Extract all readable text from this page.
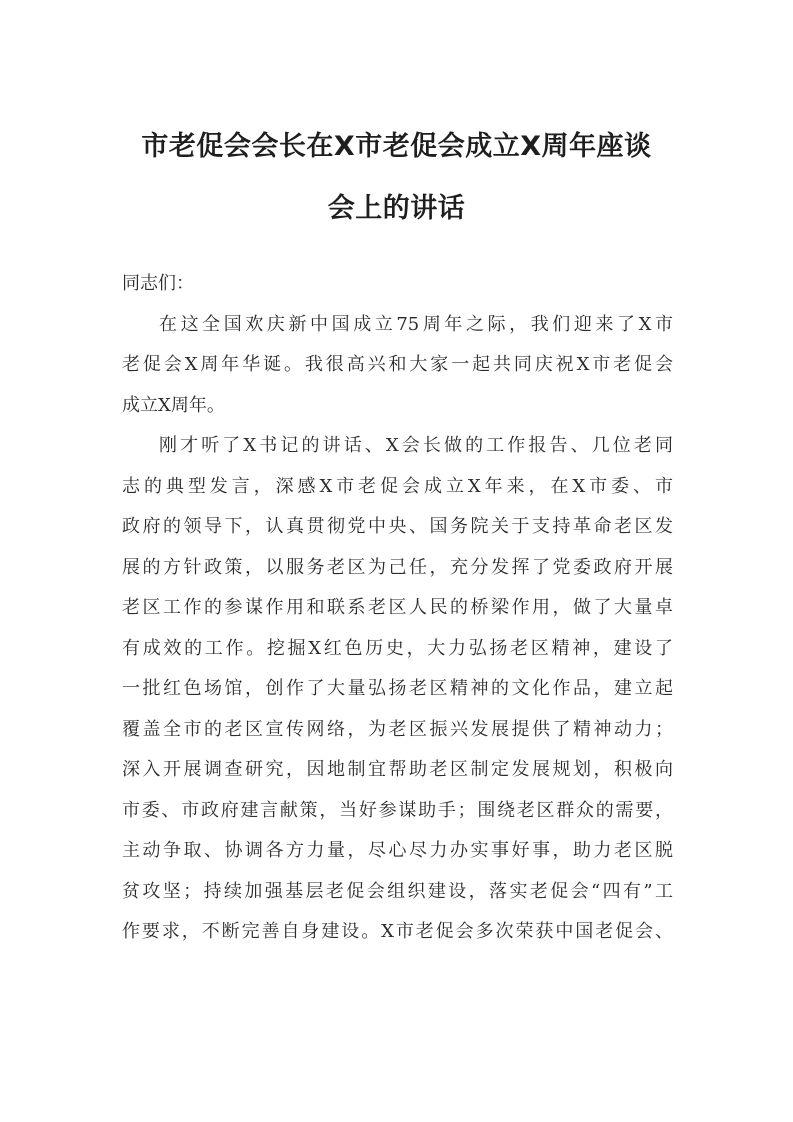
市老促会会长在X市老促会成立X周年座谈
会上的讲话
同志们：
在这全国欢庆新中国成立75周年之际，我们迎来了X市
老促会X周年华诞。我很高兴和大家一起共同庆祝X市老促会
成立X周年。
刚才听了X书记的讲话、X会长做的工作报告、几位老同
志的典型发言，深感X市老促会成立X年来，在X市委、市
政府的领导下，认真贯彻党中央、国务院关于支持革命老区发
展的方针政策，以服务老区为己任，充分发挥了党委政府开展
老区工作的参谋作用和联系老区人民的桥梁作用，做了大量卓
有成效的工作。挖掘X红色历史，大力弘扬老区精神，建设了
一批红色场馆，创作了大量弘扬老区精神的文化作品，建立起
覆盖全市的老区宣传网络，为老区振兴发展提供了精神动力；
深入开展调查研究，因地制宜帮助老区制定发展规划，积极向
市委、市政府建言献策，当好参谋助手；围绕老区群众的需要，
主动争取、协调各方力量，尽心尽力办实事好事，助力老区脱
贫攻坚；持续加强基层老促会组织建设，落实老促会“四有”工
作要求，不断完善自身建设。X市老促会多次荣获中国老促会、
